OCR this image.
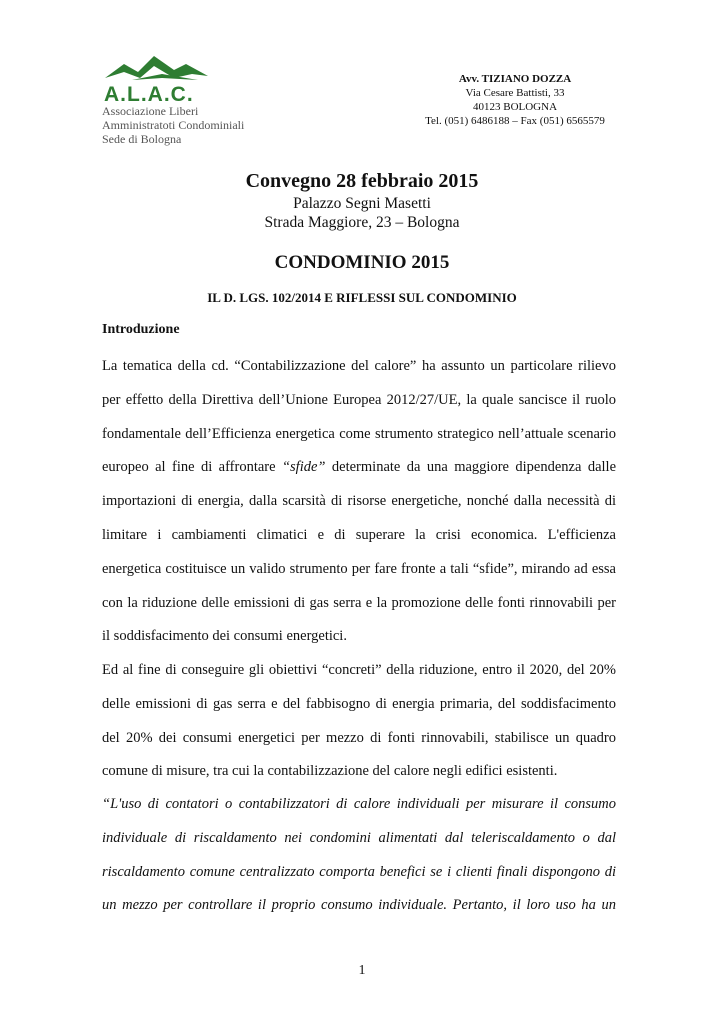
A.L.A.C.
Associazione Liberi
Amministratoti Condominiali
Sede di Bologna
Avv. TIZIANO DOZZA
Via Cesare Battisti, 33
40123 BOLOGNA
Tel. (051) 6486188 – Fax (051) 6565579
Convegno 28 febbraio 2015
Palazzo Segni Masetti
Strada Maggiore, 23 – Bologna
CONDOMINIO 2015
IL D. LGS. 102/2014 E RIFLESSI SUL CONDOMINIO
Introduzione
La tematica della cd. “Contabilizzazione del calore” ha assunto un particolare rilievo
per effetto della Direttiva dell’Unione Europea 2012/27/UE, la quale sancisce il ruolo
fondamentale dell’Efficienza energetica come strumento strategico nell’attuale scenario
europeo al fine di affrontare “sfide” determinate da una maggiore dipendenza dalle
importazioni di energia, dalla scarsità di risorse energetiche, nonché dalla necessità di
limitare i cambiamenti climatici e di superare la crisi economica. L'efficienza
energetica costituisce un valido strumento per fare fronte a tali “sfide”, mirando ad essa
con la riduzione delle emissioni di gas serra e la promozione delle fonti rinnovabili per
il soddisfacimento dei consumi energetici.
Ed al fine di conseguire gli obiettivi “concreti” della riduzione, entro il 2020, del 20%
delle emissioni di gas serra e del fabbisogno di energia primaria, del soddisfacimento
del 20% dei consumi energetici per mezzo di fonti rinnovabili, stabilisce un quadro
comune di misure, tra cui la contabilizzazione del calore negli edifici esistenti.
“L'uso di contatori o contabilizzatori di calore individuali per misurare il consumo
individuale di riscaldamento nei condomini alimentati dal teleriscaldamento o dal
riscaldamento comune centralizzato comporta benefici se i clienti finali dispongono di
un mezzo per controllare il proprio consumo individuale. Pertanto, il loro uso ha un
1
